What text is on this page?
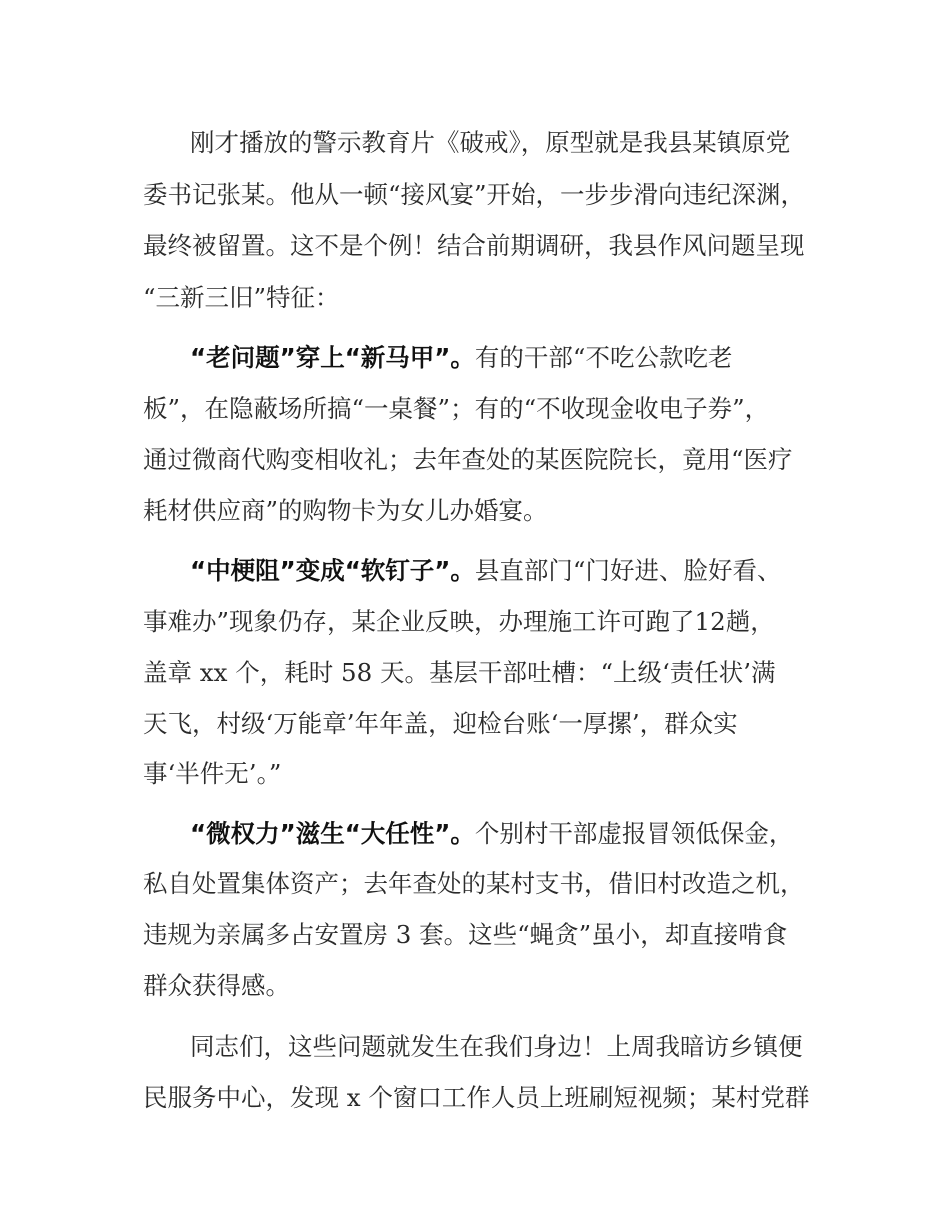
刚才播放的警示教育片《破戒》，原型就是我县某镇原党
委书记张某。他从一顿“接风宴”开始，一步步滑向违纪深渊，
最终被留置。这不是个例！结合前期调研，我县作风问题呈现
“三新三旧”特征：
“老问题”穿上“新马甲”。有的干部“不吃公款吃老
板”，在隐蔽场所搞“一桌餐”；有的“不收现金收电子券”，
通过微商代购变相收礼；去年查处的某医院院长，竟用“医疗
耗材供应商”的购物卡为女儿办婚宴。
“中梗阻”变成“软钉子”。县直部门“门好进、脸好看、
事难办”现象仍存，某企业反映，办理施工许可跑了12趟，
盖章 xx 个，耗时 58 天。基层干部吐槽：“上级‘责任状’满
天飞，村级‘万能章’年年盖，迎检台账‘一厚摞’，群众实
事‘半件无’。”
“微权力”滋生“大任性”。个别村干部虚报冒领低保金，
私自处置集体资产；去年查处的某村支书，借旧村改造之机，
违规为亲属多占安置房 3 套。这些“蝇贪”虽小，却直接啃食
群众获得感。
同志们，这些问题就发生在我们身边！上周我暗访乡镇便
民服务中心，发现 x 个窗口工作人员上班刷短视频；某村党群
